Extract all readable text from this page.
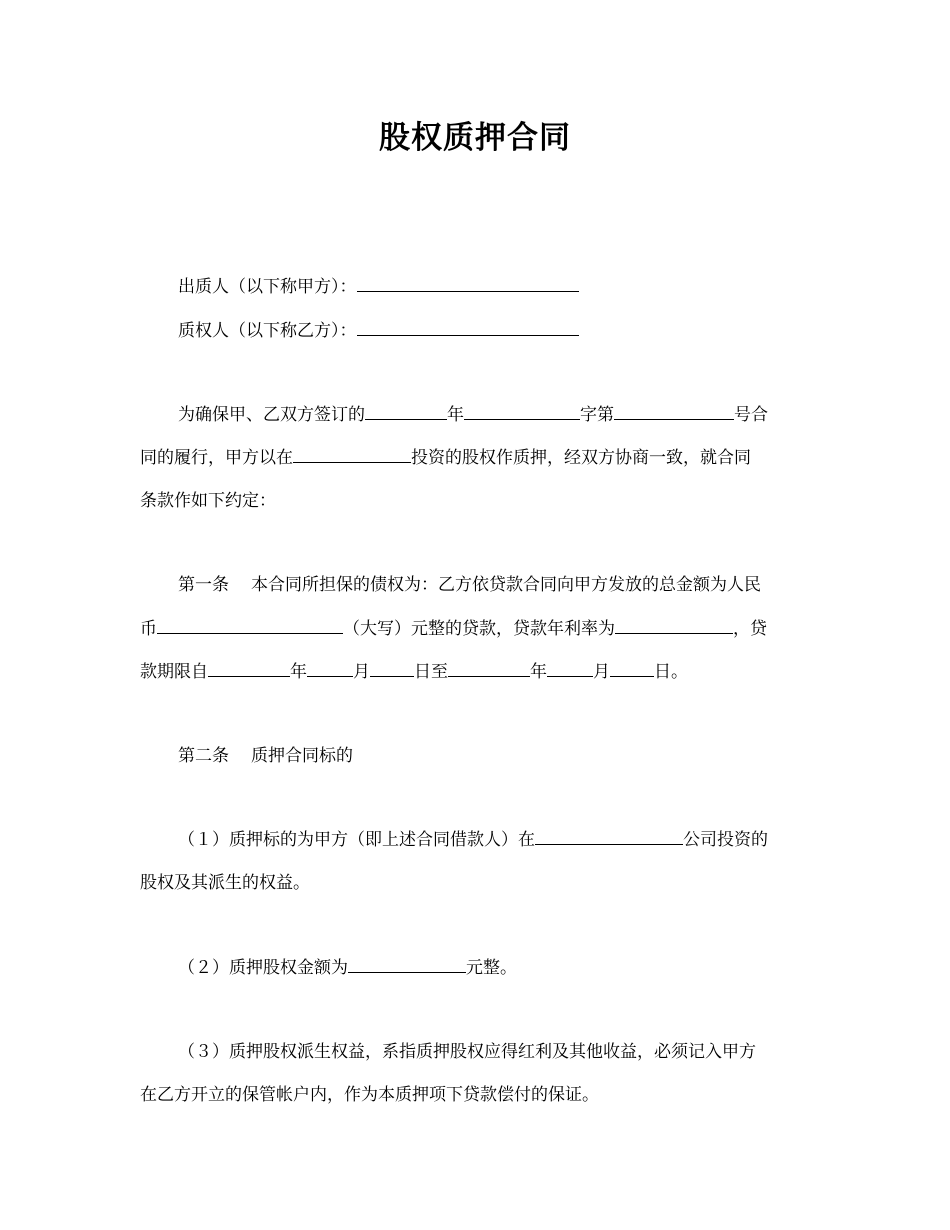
股权质押合同
出质人（以下称甲方）：
质权人（以下称乙方）：
为确保甲、乙双方签订的	年	字第	号合
同的履行，甲方以在	投资的股权作质押，经双方协商一致，就合同
条款作如下约定：
第一条 本合同所担保的债权为：乙方依贷款合同向甲方发放的总金额为人民
币	（大写）元整的贷款，贷款年利率为	，贷
款期限自	年	月	日至	年	月	日。
第二条 质押合同标的
（１）质押标的为甲方（即上述合同借款人）在	公司投资的
股权及其派生的权益。
（２）质押股权金额为	元整。
（３）质押股权派生权益，系指质押股权应得红利及其他收益，必须记入甲方
在乙方开立的保管帐户内，作为本质押项下贷款偿付的保证。
